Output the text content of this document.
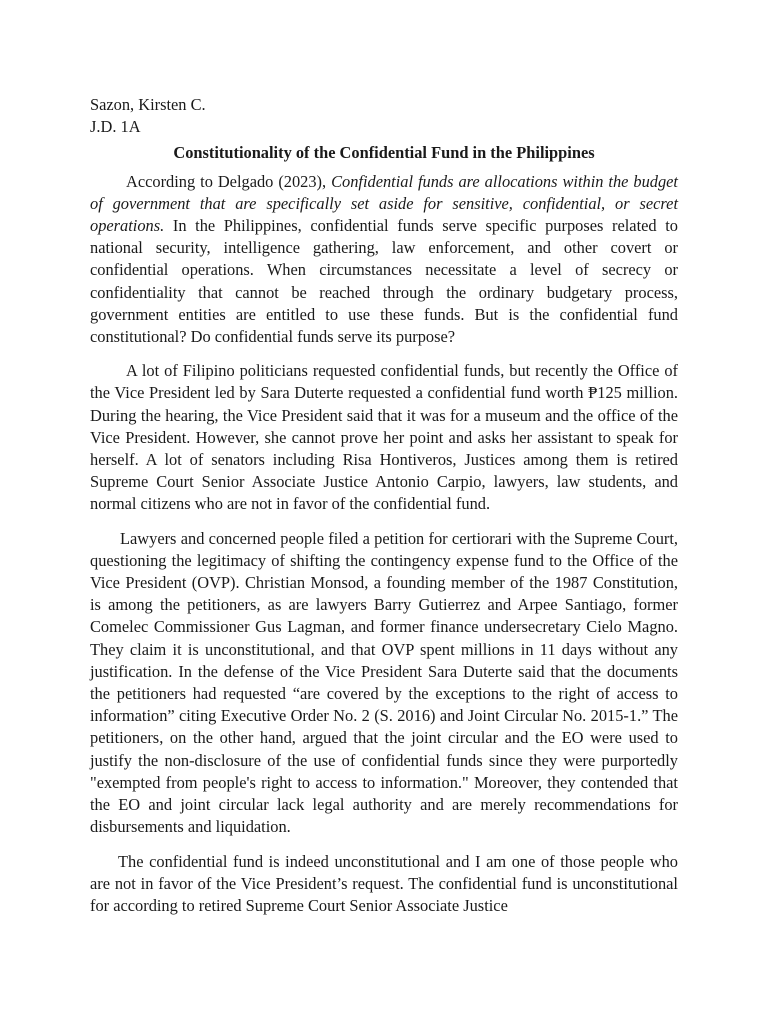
Sazon, Kirsten C.

J.D. 1A

Constitutionality of the Confidential Fund in the Philippines

According to Delgado (2023), Confidential funds are allocations within the budget of government that are specifically set aside for sensitive, confidential, or secret operations. In the Philippines, confidential funds serve specific purposes related to national security, intelligence gathering, law enforcement, and other covert or confidential operations. When circumstances necessitate a level of secrecy or confidentiality that cannot be reached through the ordinary budgetary process, government entities are entitled to use these funds. But is the confidential fund constitutional? Do confidential funds serve its purpose?

A lot of Filipino politicians requested confidential funds, but recently the Office of the Vice President led by Sara Duterte requested a confidential fund worth ₱125 million. During the hearing, the Vice President said that it was for a museum and the office of the Vice President. However, she cannot prove her point and asks her assistant to speak for herself. A lot of senators including Risa Hontiveros, Justices among them is retired Supreme Court Senior Associate Justice Antonio Carpio, lawyers, law students, and normal citizens who are not in favor of the confidential fund.

Lawyers and concerned people filed a petition for certiorari with the Supreme Court, questioning the legitimacy of shifting the contingency expense fund to the Office of the Vice President (OVP). Christian Monsod, a founding member of the 1987 Constitution, is among the petitioners, as are lawyers Barry Gutierrez and Arpee Santiago, former Comelec Commissioner Gus Lagman, and former finance undersecretary Cielo Magno. They claim it is unconstitutional, and that OVP spent millions in 11 days without any justification. In the defense of the Vice President Sara Duterte said that the documents the petitioners had requested “are covered by the exceptions to the right of access to information” citing Executive Order No. 2 (S. 2016) and Joint Circular No. 2015-1.” The petitioners, on the other hand, argued that the joint circular and the EO were used to justify the non-disclosure of the use of confidential funds since they were purportedly "exempted from people's right to access to information." Moreover, they contended that the EO and joint circular lack legal authority and are merely recommendations for disbursements and liquidation.

The confidential fund is indeed unconstitutional and I am one of those people who are not in favor of the Vice President’s request. The confidential fund is unconstitutional for according to retired Supreme Court Senior Associate Justice
